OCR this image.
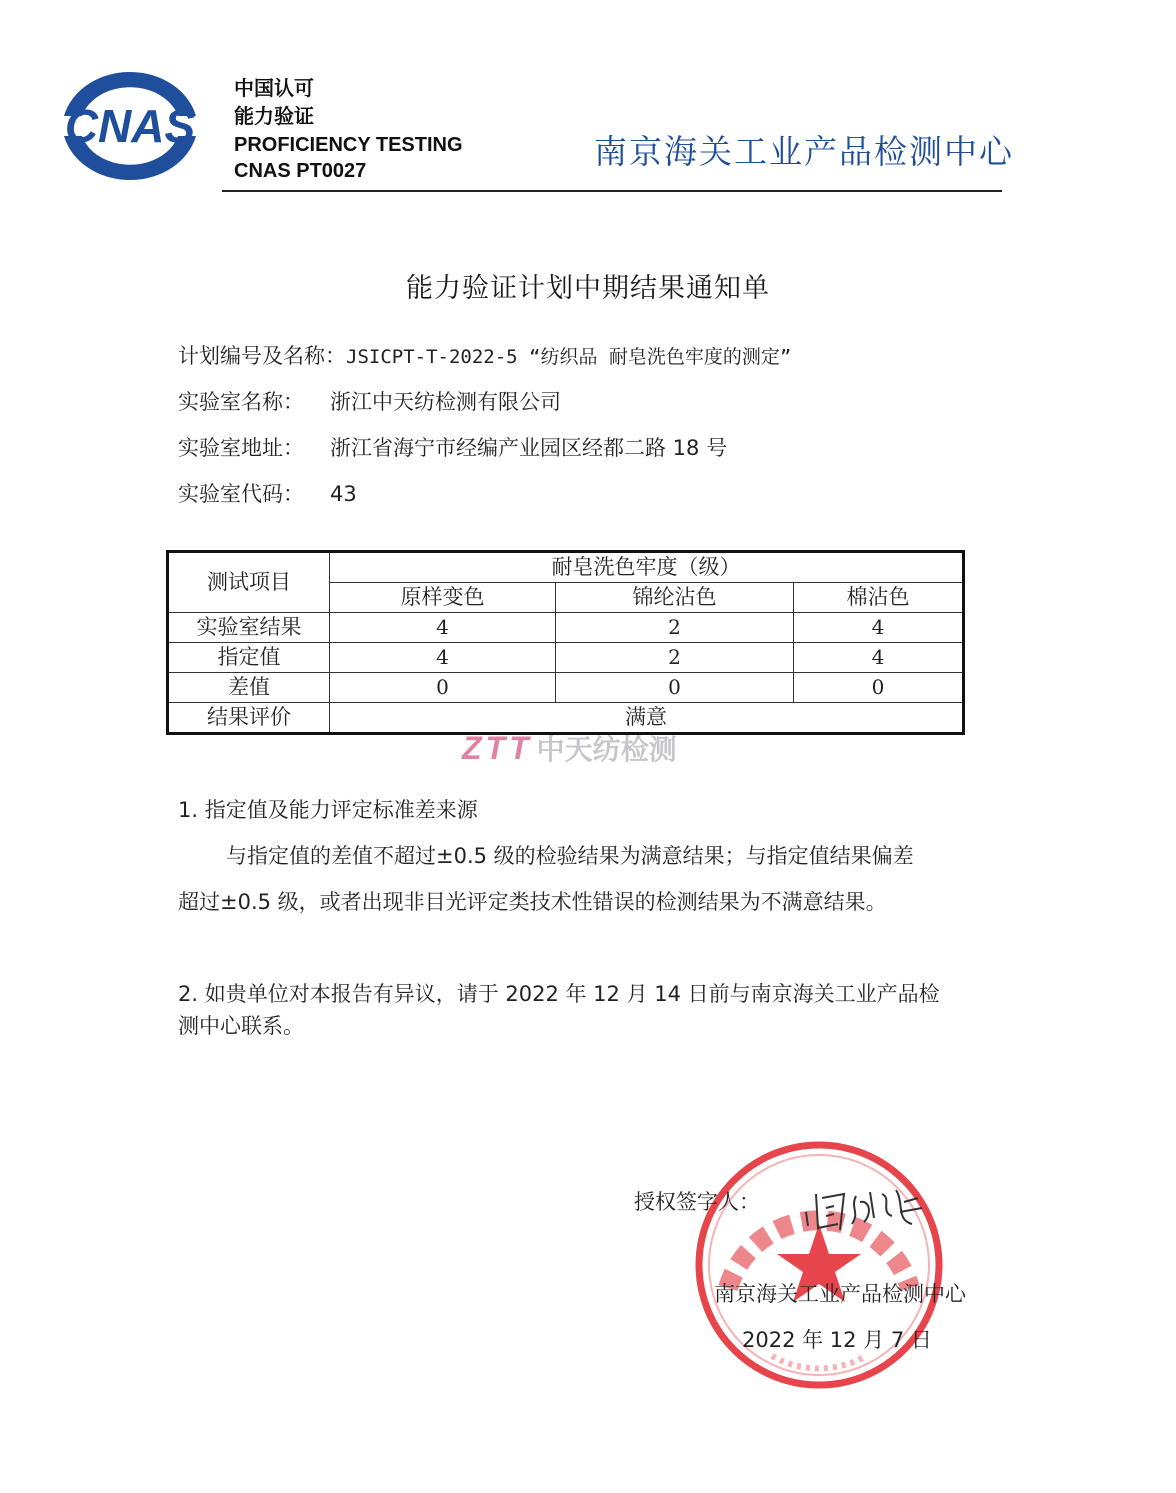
CNAS
中国认可
能力验证
PROFICIENCY TESTING
CNAS PT0027	南京海关工业产品检测中心
能力验证计划中期结果通知单
计划编号及名称：JSICPT-T-2022-5 “纺织品 耐皂洗色牢度的测定”
实验室名称： 浙江中天纺检测有限公司
实验室地址： 浙江省海宁市经编产业园区经都二路 18 号
实验室代码： 43
测试项目	耐皂洗色牢度（级）		
	原样变色	锦纶沾色	棉沾色
实验室结果	4	2	4
指定值	4	2	4
差值	0	0	0
结果评价	满意		
ZTT 中天纺检测
1. 指定值及能力评定标准差来源
与指定值的差值不超过±0.5 级的检验结果为满意结果；与指定值结果偏差
超过±0.5 级，或者出现非目光评定类技术性错误的检测结果为不满意结果。
2. 如贵单位对本报告有异议，请于 2022 年 12 月 14 日前与南京海关工业产品检
测中心联系。
授权签字人：
南京海关工业产品检测中心
2022 年 12 月 7 日
